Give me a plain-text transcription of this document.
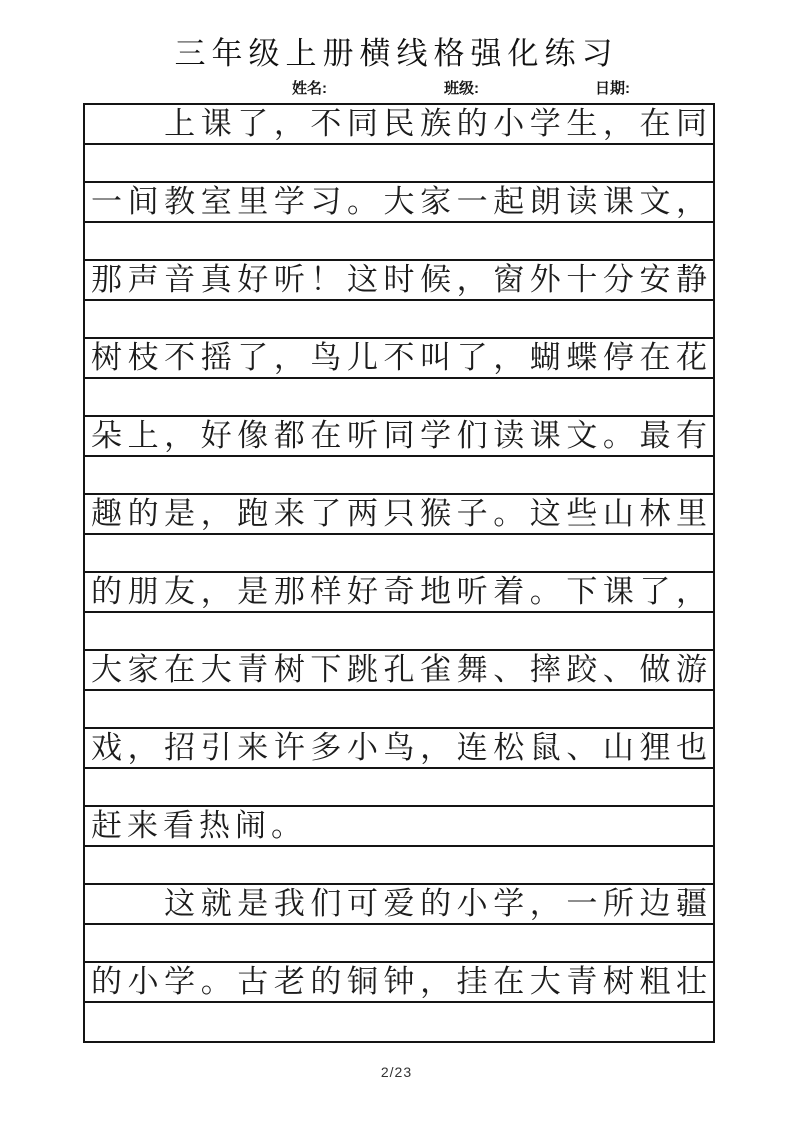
三年级上册横线格强化练习
姓名:	班级:	日期:
上 课 了 ， 不 同 民 族 的 小 学 生 ， 在 同
一 间 教 室 里 学 习 。 大 家 一 起 朗 读 课 文 ，
那 声 音 真 好 听 ！ 这 时 候 ， 窗 外 十 分 安 静
树 枝 不 摇 了 ， 鸟 儿 不 叫 了 ， 蝴 蝶 停 在 花
朵 上 ， 好 像 都 在 听 同 学 们 读 课 文 。 最 有
趣 的 是 ， 跑 来 了 两 只 猴 子 。 这 些 山 林 里
的 朋 友 ， 是 那 样 好 奇 地 听 着 。 下 课 了 ，
大 家 在 大 青 树 下 跳 孔 雀 舞 、 摔 跤 、 做 游
戏 ， 招 引 来 许 多 小 鸟 ， 连 松 鼠 、 山 狸 也
赶 来 看 热 闹 。
这 就 是 我 们 可 爱 的 小 学 ， 一 所 边 疆
的 小 学 。 古 老 的 铜 钟 ， 挂 在 大 青 树 粗 壮
2/23
